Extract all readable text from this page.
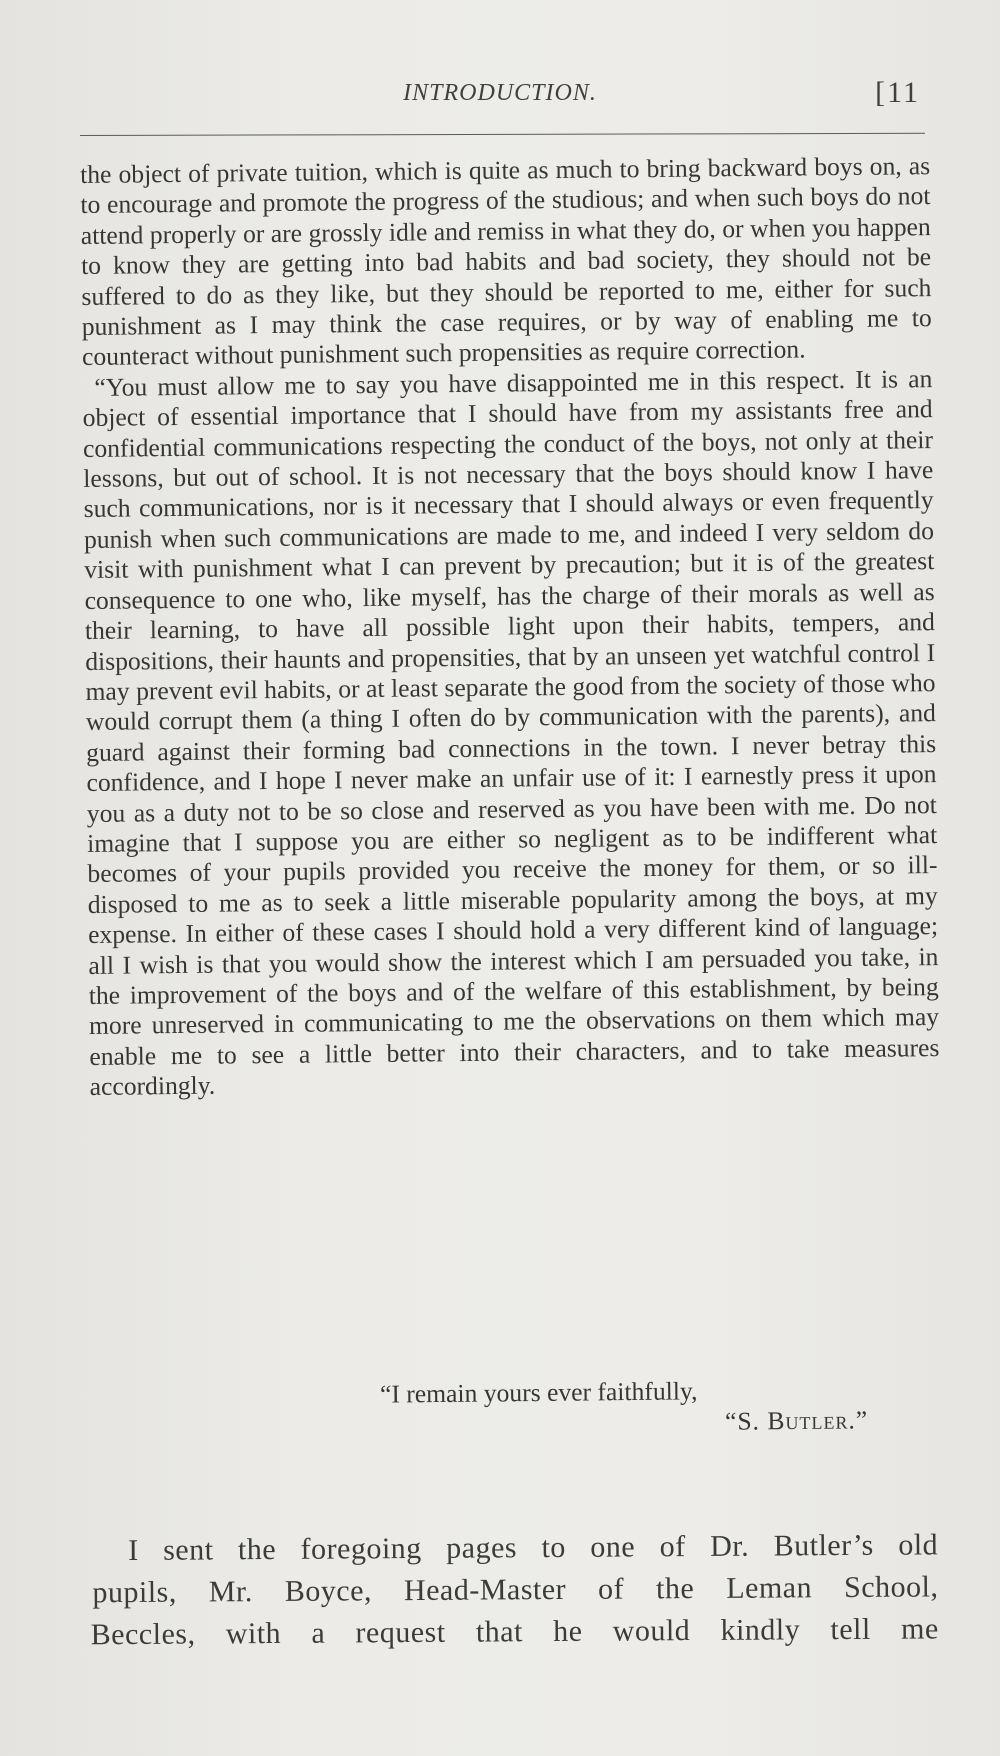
INTRODUCTION.	[11

the object of private tuition, which is quite as much to bring backward boys on, as to encourage and promote the progress of the studious; and when such boys do not attend properly or are grossly idle and remiss in what they do, or when you happen to know they are getting into bad habits and bad society, they should not be suffered to do as they like, but they should be reported to me, either for such punishment as I may think the case requires, or by way of enabling me to counteract without punishment such propensities as require correction.

“You must allow me to say you have disappointed me in this respect. It is an object of essential importance that I should have from my assistants free and confidential communications respecting the conduct of the boys, not only at their lessons, but out of school. It is not necessary that the boys should know I have such communications, nor is it necessary that I should always or even frequently punish when such communications are made to me, and indeed I very seldom do visit with punishment what I can prevent by precaution; but it is of the greatest consequence to one who, like myself, has the charge of their morals as well as their learning, to have all possible light upon their habits, tempers, and dispositions, their haunts and propensities, that by an unseen yet watchful control I may prevent evil habits, or at least separate the good from the society of those who would corrupt them (a thing I often do by communication with the parents), and guard against their forming bad connections in the town. I never betray this confidence, and I hope I never make an unfair use of it: I earnestly press it upon you as a duty not to be so close and reserved as you have been with me. Do not imagine that I suppose you are either so negligent as to be indifferent what becomes of your pupils provided you receive the money for them, or so ill-disposed to me as to seek a little miserable popularity among the boys, at my expense. In either of these cases I should hold a very different kind of language; all I wish is that you would show the interest which I am persuaded you take, in the improvement of the boys and of the welfare of this establishment, by being more unreserved in communicating to me the observations on them which may enable me to see a little better into their characters, and to take measures accordingly.

“I remain yours ever faithfully,
“S. Butler.”
I sent the foregoing pages to one of Dr. Butler’s old
pupils, Mr. Boyce, Head-Master of the Leman School,
Beccles, with a request that he would kindly tell me
